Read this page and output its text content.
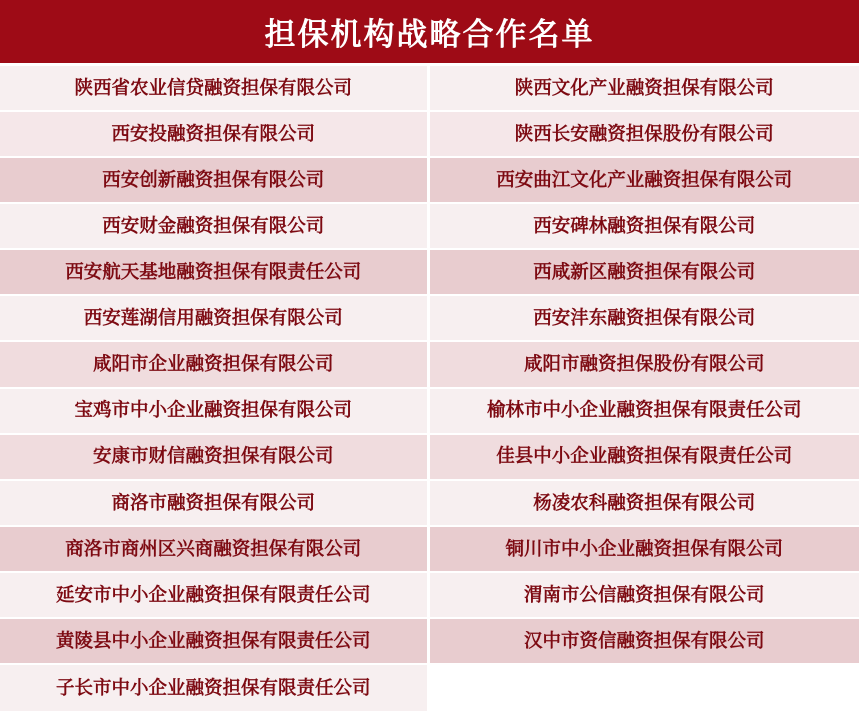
担保机构战略合作名单
陕西省农业信贷融资担保有限公司	陕西文化产业融资担保有限公司
西安投融资担保有限公司	陕西长安融资担保股份有限公司
西安创新融资担保有限公司	西安曲江文化产业融资担保有限公司
西安财金融资担保有限公司	西安碑林融资担保有限公司
西安航天基地融资担保有限责任公司	西咸新区融资担保有限公司
西安莲湖信用融资担保有限公司	西安沣东融资担保有限公司
咸阳市企业融资担保有限公司	咸阳市融资担保股份有限公司
宝鸡市中小企业融资担保有限公司	榆林市中小企业融资担保有限责任公司
安康市财信融资担保有限公司	佳县中小企业融资担保有限责任公司
商洛市融资担保有限公司	杨凌农科融资担保有限公司
商洛市商州区兴商融资担保有限公司	铜川市中小企业融资担保有限公司
延安市中小企业融资担保有限责任公司	渭南市公信融资担保有限公司
黄陵县中小企业融资担保有限责任公司	汉中市资信融资担保有限公司
子长市中小企业融资担保有限责任公司
